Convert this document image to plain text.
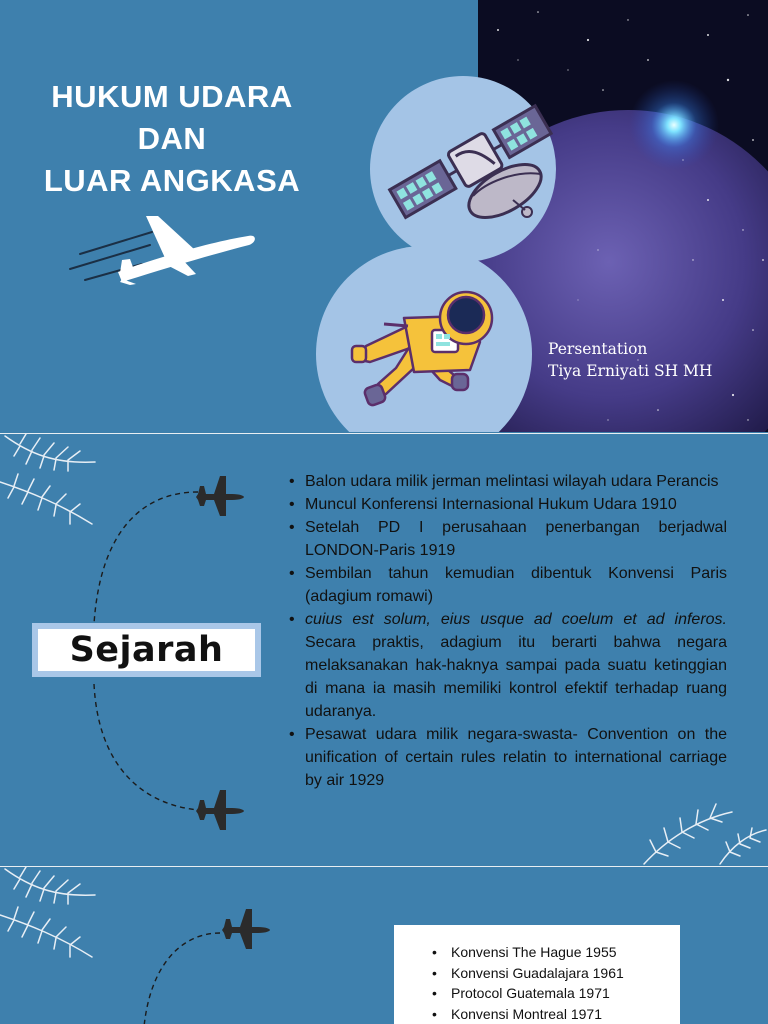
HUKUM UDARA
DAN
LUAR ANGKASA
Persentation
Tiya Erniyati SH MH
Sejarah
• Balon udara milik jerman melintasi wilayah udara Perancis
• Muncul Konferensi Internasional Hukum Udara 1910
• Setelah PD I perusahaan penerbangan berjadwal LONDON-Paris 1919
• Sembilan tahun kemudian dibentuk Konvensi Paris (adagium romawi)
• cuius est solum, eius usque ad coelum et ad inferos. Secara praktis, adagium itu berarti bahwa negara melaksanakan hak-haknya sampai pada suatu ketinggian di mana ia masih memiliki kontrol efektif terhadap ruang udaranya.
• Pesawat udara milik negara-swasta- Convention on the unification of certain rules relatin to international carriage by air 1929
• Konvensi The Hague 1955
• Konvensi Guadalajara 1961
• Protocol Guatemala 1971
• Konvensi Montreal 1971
